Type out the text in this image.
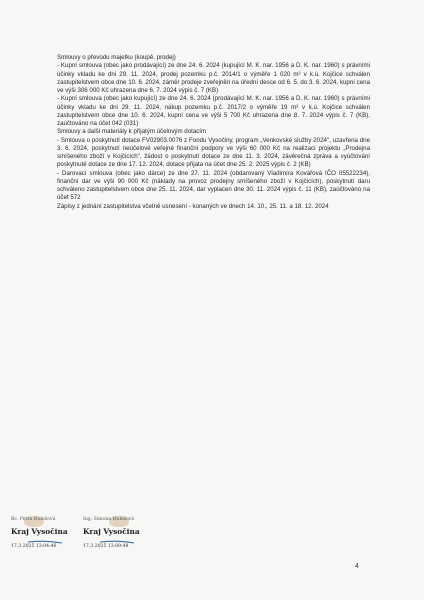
Smlouvy o převodu majetku (koupě, prodej)

- Kupní smlouva (obec jako prodávající) ze dne 24. 6. 2024 (kupující M. K. nar. 1956 a D. K. nar. 1960) s právními účinky vkladu ke dni 29. 11. 2024, prodej pozemku p.č. 2014/1 o výměře 1 020 m² v k.ú. Kojčice schválen zastupitelstvem obce dne 10. 6. 2024, záměr prodeje zveřejněn na úřední desce od 6. 5. do 3. 6. 2024, kupní cena ve výši 306 000 Kč uhrazena dne 6. 7. 2024 výpis č. 7 (KB)

- Kupní smlouva (obec jako kupující) ze dne 24. 6. 2024 (prodávající M. K. nar. 1956 a D. K. nar. 1960) s právními účinky vkladu ke dni 29. 11. 2024, nákup pozemku p.č. 2017/2 o výměře 19 m² v k.ú. Kojčice schválen zastupitelstvem obce dne 10. 6. 2024, kupní cena ve výši 5 700 Kč uhrazena dne 8. 7. 2024 výpis č. 7 (KB), zaúčtováno na účet 042 (031)

Smlouvy a další materiály k přijatým účelovým dotacím

- Smlouva o poskytnutí dotace FV02903.0076 z Fondu Vysočiny, program „Venkovské služby 2024", uzavřena dne 3. 6. 2024, poskytnutí neúčelové veřejné finanční podpory ve výši 60 000 Kč na realizaci projektu „Prodejna smíšeného zboží v Kojčicích", žádost o poskytnutí dotace ze dne 11. 3. 2024, závěrečná zpráva a vyúčtování poskytnuté dotace ze dne 17. 12. 2024, dotace přijata na účet dne 25. 2. 2025 výpis č. 2 (KB)

- Darovací smlouva (obec jako dárce) ze dne 27. 11. 2024 (obdarovaný Vladimíra Kovářová IČO 05522234), finanční dar ve výši 90 000 Kč (náklady na provoz prodejny smíšeného zboží v Kojčicích), poskytnutí daru schváleno zastupitelstvem obce dne 25. 11. 2024, dar vyplacen dne 30. 11. 2024 výpis č. 11 (KB), zaúčtováno na účet 572

Zápisy z jednání zastupitelstva včetně usnesení - konaných ve dnech 14. 10., 25. 11. a 18. 12. 2024

Bc. Petra Hulešová
Kraj Vysočina
17.3.2025 13:04:46
Ing. Simona Hulešová
Kraj Vysočina
17.3.2025 13:09:48
4
